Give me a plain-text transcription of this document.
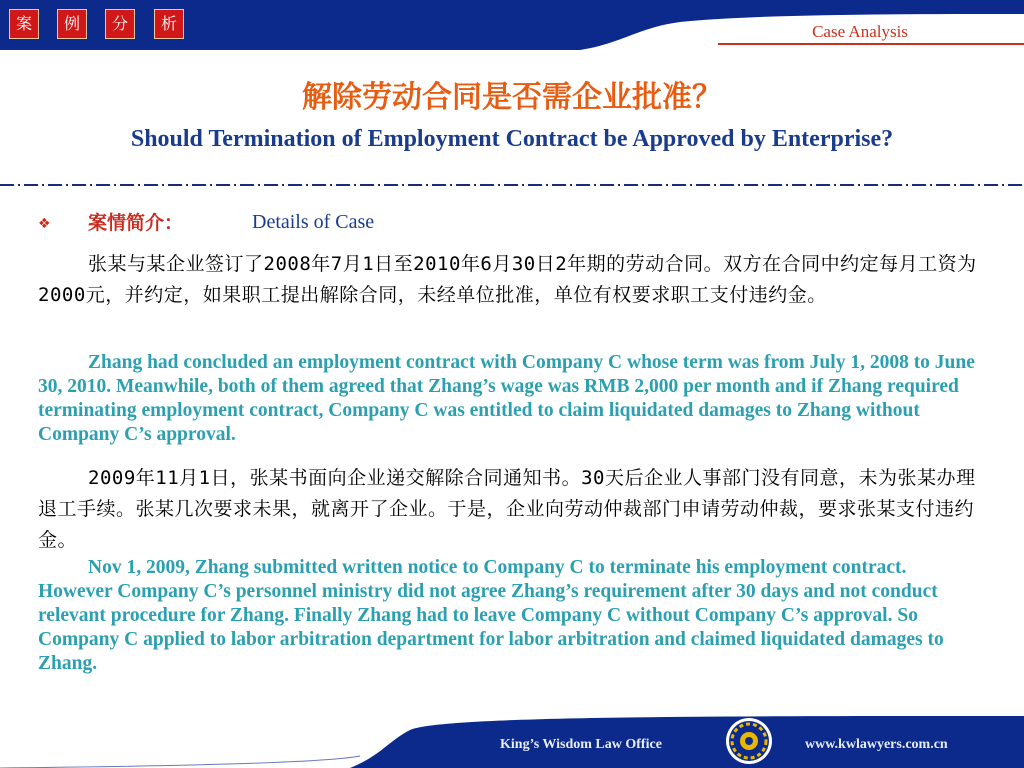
案	例	分	析	Case Analysis
解除劳动合同是否需企业批准？
Should Termination of Employment Contract be Approved by Enterprise?
❖ 案情简介：	Details of Case

张某与某企业签订了2008年7月1日至2010年6月30日2年期的劳动合同。双方在合同中约定每月工资为2000元，并约定，如果职工提出解除合同，未经单位批准，单位有权要求职工支付违约金。

Zhang had concluded an employment contract with Company C whose term was from July 1, 2008 to June 30, 2010. Meanwhile, both of them agreed that Zhang’s wage was RMB 2,000 per month and if Zhang required terminating employment contract, Company C was entitled to claim liquidated damages to Zhang without Company C’s approval.

2009年11月1日，张某书面向企业递交解除合同通知书。30天后企业人事部门没有同意，未为张某办理退工手续。张某几次要求未果，就离开了企业。于是，企业向劳动仲裁部门申请劳动仲裁，要求张某支付违约金。

Nov 1, 2009, Zhang submitted written notice to Company C to terminate his employment contract. However Company C’s personnel ministry did not agree Zhang’s requirement after 30 days and not conduct relevant procedure for Zhang. Finally Zhang had to leave Company C without Company C’s approval. So Company C applied to labor arbitration department for labor arbitration and claimed liquidated damages to Zhang.

King’s Wisdom Law Office	www.kwlawyers.com.cn
